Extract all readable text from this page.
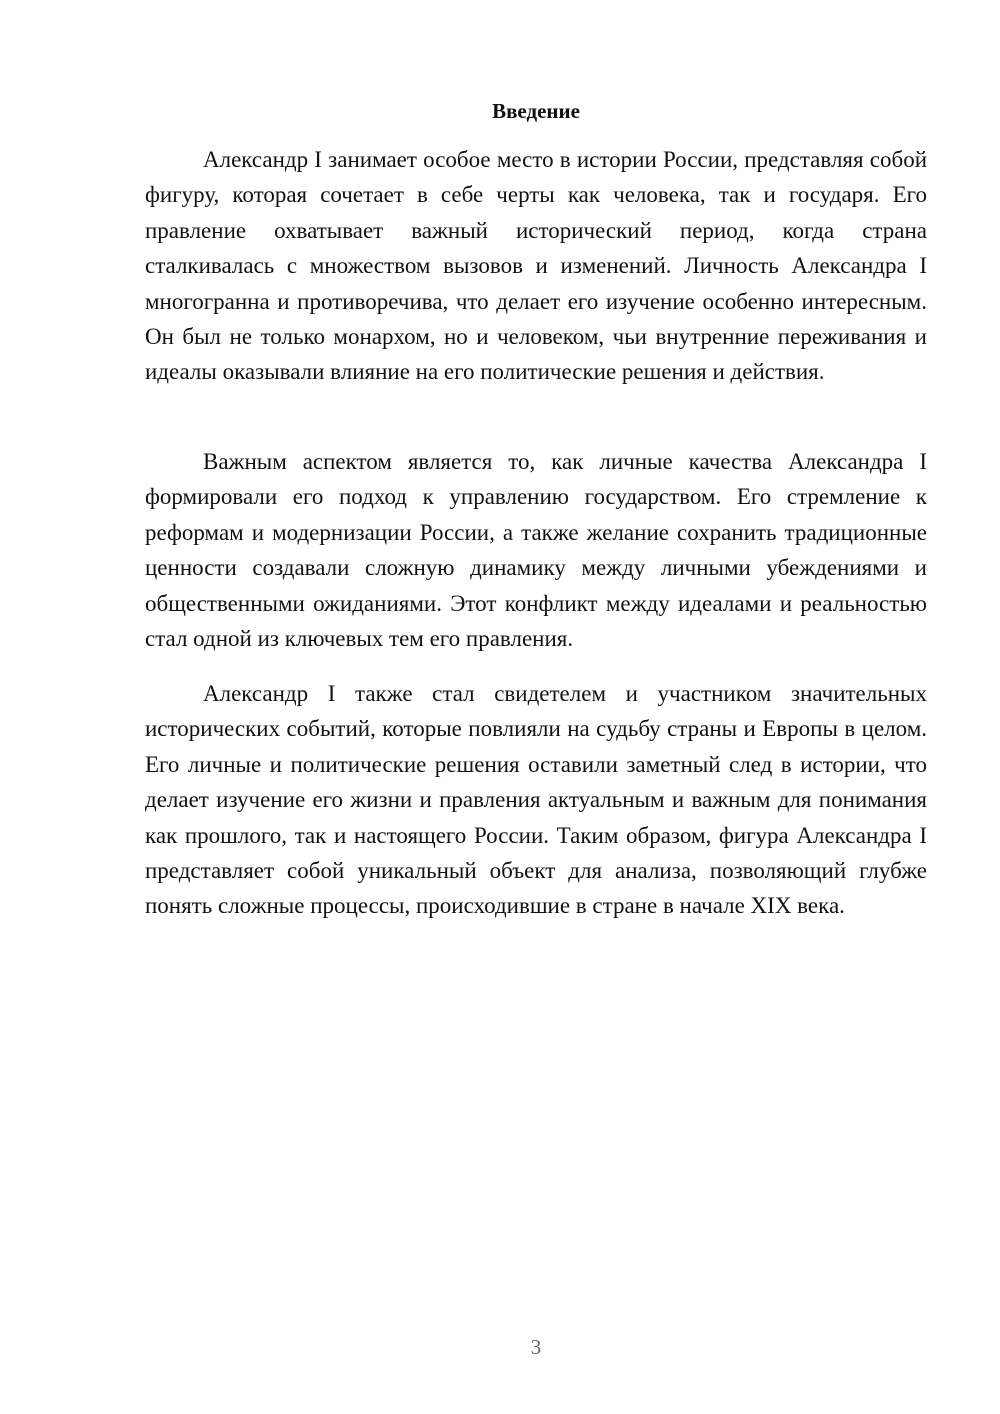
Введение

Александр I занимает особое место в истории России, представляя собой фигуру, которая сочетает в себе черты как человека, так и государя. Его правление охватывает важный исторический период, когда страна сталкивалась с множеством вызовов и изменений. Личность Александра I многогранна и противоречива, что делает его изучение особенно интересным. Он был не только монархом, но и человеком, чьи внутренние переживания и идеалы оказывали влияние на его политические решения и действия.

Важным аспектом является то, как личные качества Александра I формировали его подход к управлению государством. Его стремление к реформам и модернизации России, а также желание сохранить традиционные ценности создавали сложную динамику между личными убеждениями и общественными ожиданиями. Этот конфликт между идеалами и реальностью стал одной из ключевых тем его правления.

Александр I также стал свидетелем и участником значительных исторических событий, которые повлияли на судьбу страны и Европы в целом. Его личные и политические решения оставили заметный след в истории, что делает изучение его жизни и правления актуальным и важным для понимания как прошлого, так и настоящего России. Таким образом, фигура Александра I представляет собой уникальный объект для анализа, позволяющий глубже понять сложные процессы, происходившие в стране в начале XIX века.

3
